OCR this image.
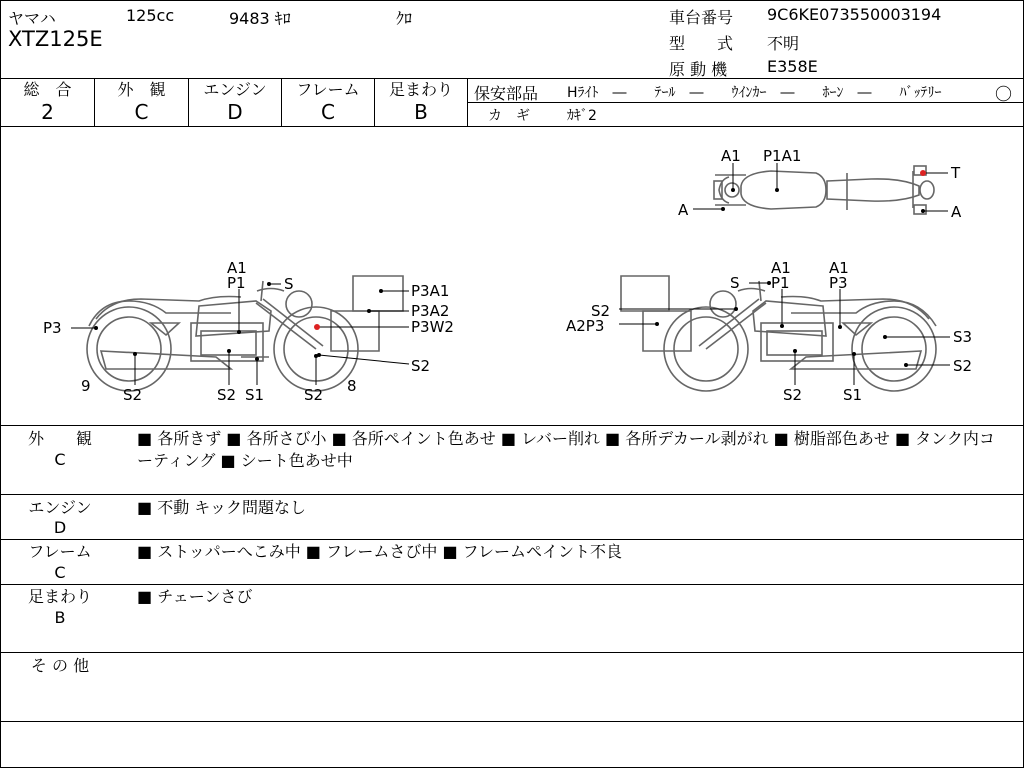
ヤマハ	125cc	9483 ｷﾛ	ｸﾛ
XTZ125E
車台番号 9C6KE073550003194
型　　式 不明
原 動 機 E358E
総　合
2
外　観
C
エンジン
D
フレーム
C
足まわり
B
保安部品 Hﾗｲﾄ　―　　ﾃｰﾙ　―　　ｳｲﾝｶｰ　―　　ﾎｰﾝ　―　　ﾊﾞｯﾃﾘｰ	〇
カ　ギ	ｶｷﾞ2
A1 P1A1
T
A	A
A1
P1	S
P3
P3A1
P3A2
P3W2
S2
9 S2	S2 S1	S2 8
S
A1
P1
A1
P3
S2
A2P3
S3
S2
S2	S1
外　　観
C
■ 各所きず ■ 各所さび小 ■ 各所ペイント色あせ ■ レバー削れ ■ 各所デカール剥がれ ■ 樹脂部色あせ ■ タンク内コーティング ■ シート色あせ中
エンジン
D
■ 不動 キック問題なし
フレーム
C
■ ストッパーへこみ中 ■ フレームさび中 ■ フレームペイント不良
足まわり
B
■ チェーンさび
そ の 他
